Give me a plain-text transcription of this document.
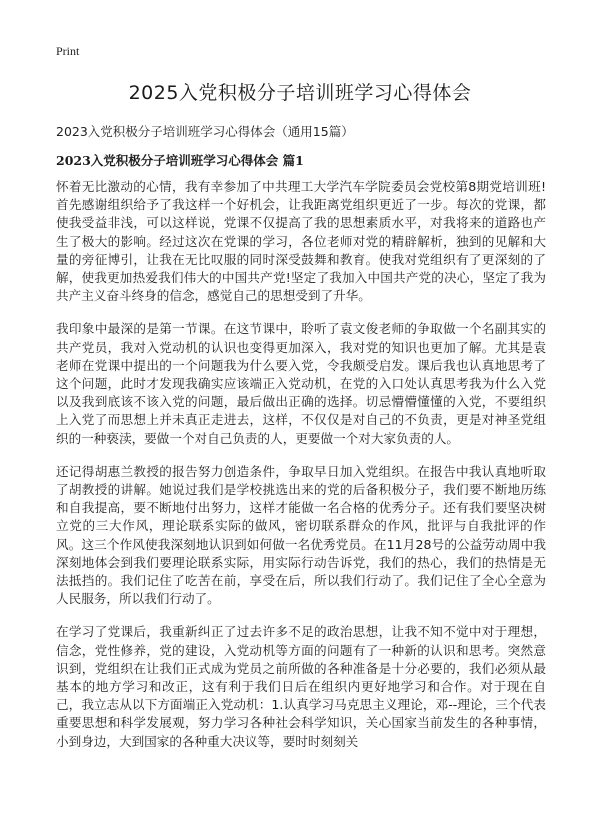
Print
2025入党积极分子培训班学习心得体会
2023入党积极分子培训班学习心得体会（通用15篇）
2023入党积极分子培训班学习心得体会 篇1

怀着无比激动的心情，我有幸参加了中共理工大学汽车学院委员会党校第8期党培训班!首先感谢组织给予了我这样一个好机会，让我距离党组织更近了一步。每次的党课，都使我受益非浅，可以这样说，党课不仅提高了我的思想素质水平，对我将来的道路也产生了极大的影响。经过这次在党课的学习，各位老师对党的精辟解析，独到的见解和大量的旁征博引，让我在无比叹服的同时深受鼓舞和教育。使我对党组织有了更深刻的了解，使我更加热爱我们伟大的中国共产党!坚定了我加入中国共产党的决心，坚定了我为共产主义奋斗终身的信念，感觉自己的思想受到了升华。

我印象中最深的是第一节课。在这节课中，聆听了袁文俊老师的争取做一个名副其实的共产党员，我对入党动机的认识也变得更加深入，我对党的知识也更加了解。尤其是袁老师在党课中提出的一个问题我为什么要入党，令我颇受启发。课后我也认真地思考了这个问题，此时才发现我确实应该端正入党动机，在党的入口处认真思考我为什么入党以及我到底该不该入党的问题，最后做出正确的选择。切忌懵懵懂懂的入党，不要组织上入党了而思想上并未真正走进去，这样，不仅仅是对自己的不负责，更是对神圣党组织的一种亵渎，要做一个对自己负责的人，更要做一个对大家负责的人。

还记得胡惠兰教授的报告努力创造条件，争取早日加入党组织。在报告中我认真地听取了胡教授的讲解。她说过我们是学校挑选出来的党的后备积极分子，我们要不断地历练和自我提高，要不断地付出努力，这样才能做一名合格的优秀分子。还有我们要坚决树立党的三大作风，理论联系实际的做风，密切联系群众的作风，批评与自我批评的作风。这三个作风使我深刻地认识到如何做一名优秀党员。在11月28号的公益劳动周中我深刻地体会到我们要理论联系实际，用实际行动告诉党，我们的热心，我们的热情是无法抵挡的。我们记住了吃苦在前，享受在后，所以我们行动了。我们记住了全心全意为人民服务，所以我们行动了。

在学习了党课后，我重新纠正了过去许多不足的政治思想，让我不知不觉中对于理想，信念，党性修养，党的建设，入党动机等方面的问题有了一种新的认识和思考。突然意识到，党组织在让我们正式成为党员之前所做的各种准备是十分必要的，我们必须从最基本的地方学习和改正，这有利于我们日后在组织内更好地学习和合作。对于现在自己，我立志从以下方面端正入党动机：1.认真学习马克思主义理论，邓--理论，三个代表重要思想和科学发展观，努力学习各种社会科学知识，关心国家当前发生的各种事情，小到身边，大到国家的各种重大决议等，要时时刻刻关
